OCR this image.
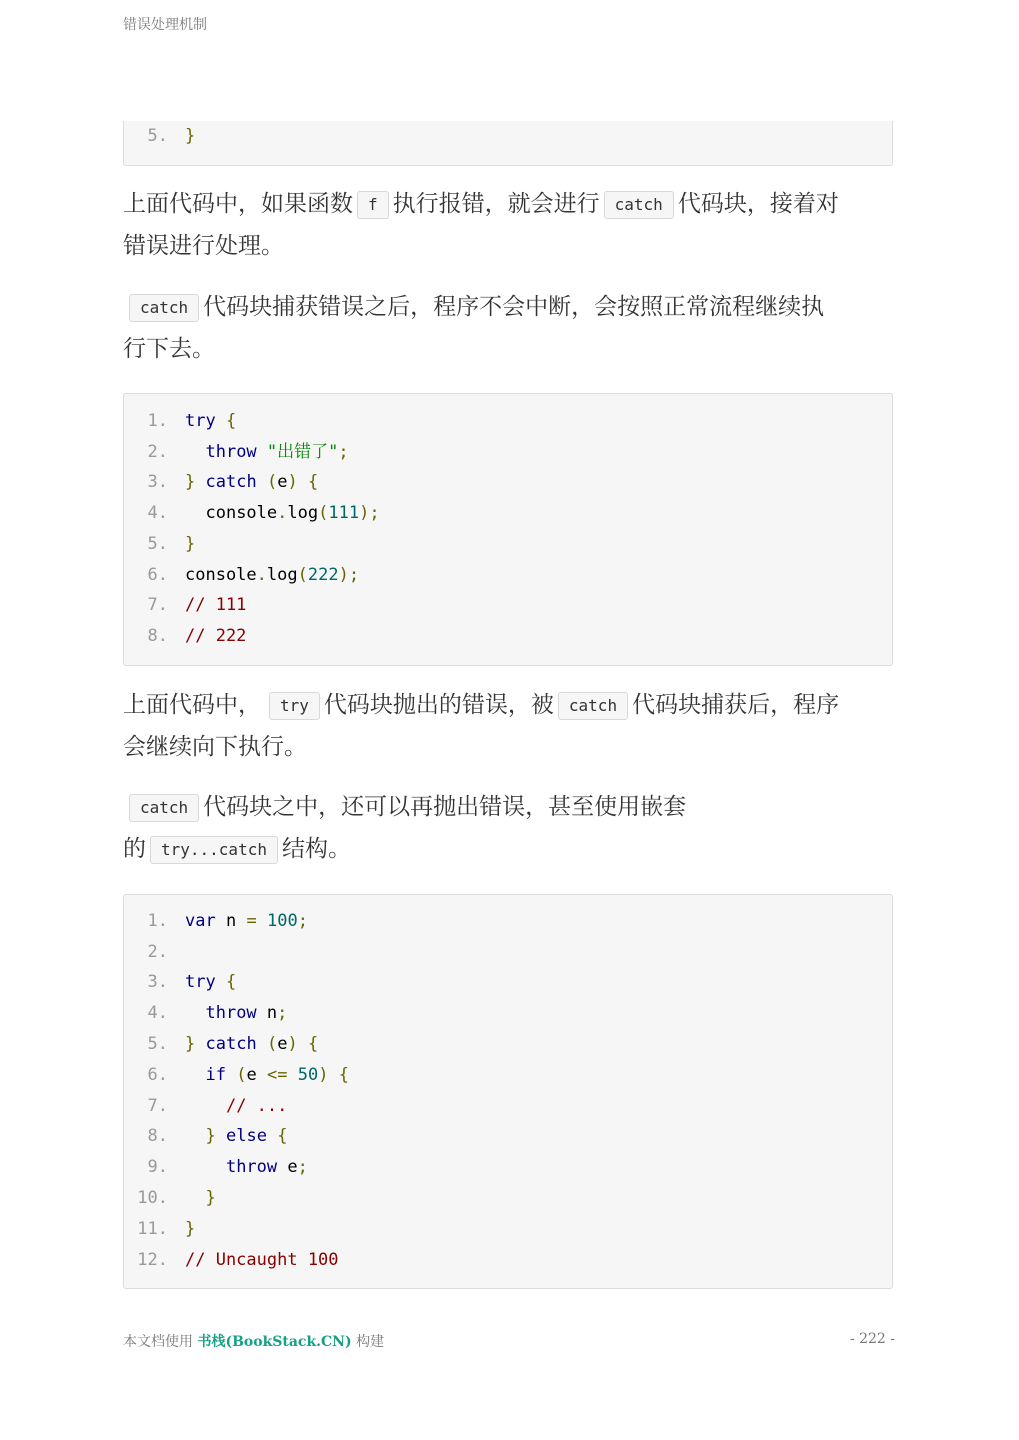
错误处理机制
5. }
上面代码中，如果函数 f 执行报错，就会进行 catch 代码块，接着对
错误进行处理。
catch 代码块捕获错误之后，程序不会中断，会按照正常流程继续执
行下去。
1. try {
2. throw "出错了";
3. } catch (e) {
4. console.log(111);
5. }
6. console.log(222);
7. // 111
8. // 222
上面代码中， try 代码块抛出的错误，被 catch 代码块捕获后，程序
会继续向下执行。
catch 代码块之中，还可以再抛出错误，甚至使用嵌套
的 try...catch 结构。
1. var n = 100;
2.
3. try {
4. throw n;
5. } catch (e) {
6. if (e <= 50) {
7.	// ...
8. } else {
9.	throw e;
10. }
11. }
12. // Uncaught 100
本文档使用 书栈(BookStack.CN) 构建	- 222 -
